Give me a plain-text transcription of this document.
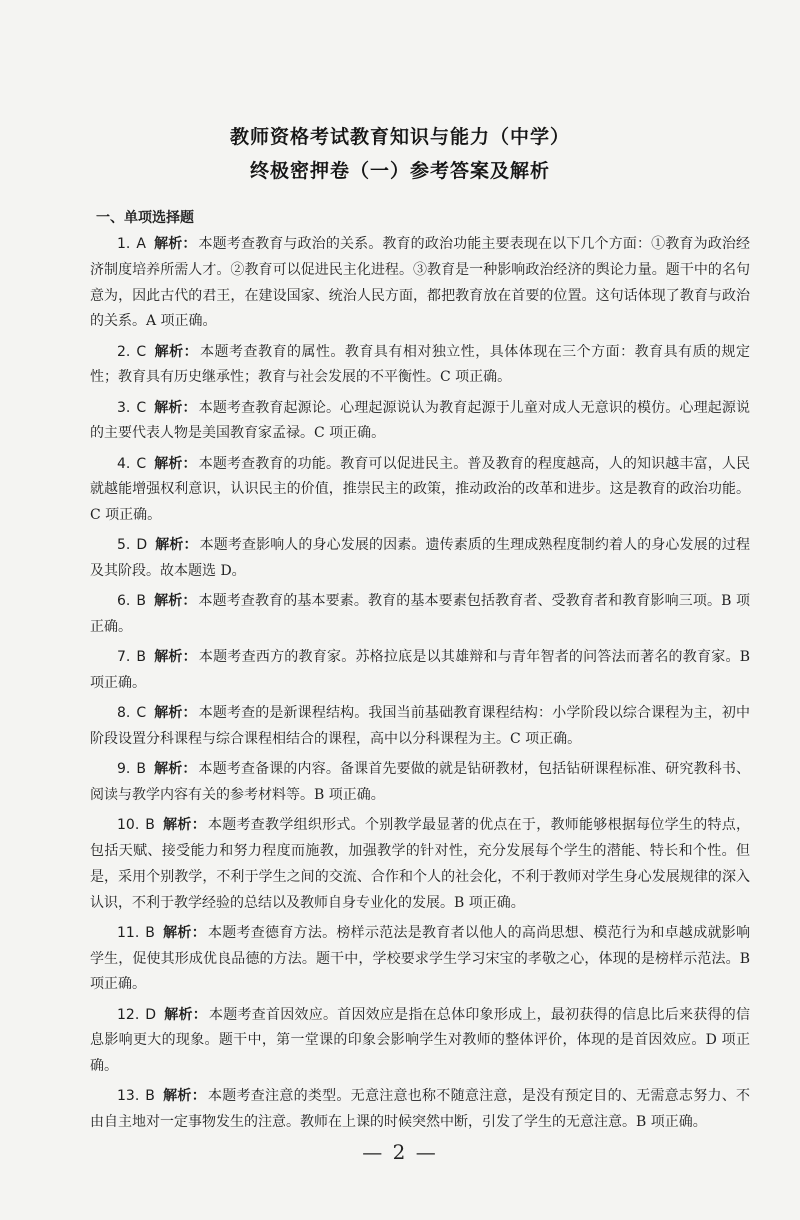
教师资格考试教育知识与能力（中学）
终极密押卷（一）参考答案及解析
一、单项选择题

1. A 解析： 本题考查教育与政治的关系。教育的政治功能主要表现在以下几个方面：①教育为政治经济制度培养所需人才。②教育可以促进民主化进程。③教育是一种影响政治经济的舆论力量。题干中的名句意为，因此古代的君王，在建设国家、统治人民方面，都把教育放在首要的位置。这句话体现了教育与政治的关系。A 项正确。

2. C 解析： 本题考查教育的属性。教育具有相对独立性，具体体现在三个方面：教育具有质的规定性；教育具有历史继承性；教育与社会发展的不平衡性。C 项正确。

3. C 解析： 本题考查教育起源论。心理起源说认为教育起源于儿童对成人无意识的模仿。心理起源说的主要代表人物是美国教育家孟禄。C 项正确。

4. C 解析： 本题考查教育的功能。教育可以促进民主。普及教育的程度越高，人的知识越丰富，人民就越能增强权利意识，认识民主的价值，推崇民主的政策，推动政治的改革和进步。这是教育的政治功能。C 项正确。

5. D 解析： 本题考查影响人的身心发展的因素。遗传素质的生理成熟程度制约着人的身心发展的过程及其阶段。故本题选 D。

6. B 解析： 本题考查教育的基本要素。教育的基本要素包括教育者、受教育者和教育影响三项。B 项正确。

7. B 解析： 本题考查西方的教育家。苏格拉底是以其雄辩和与青年智者的问答法而著名的教育家。B 项正确。

8. C 解析： 本题考查的是新课程结构。我国当前基础教育课程结构：小学阶段以综合课程为主，初中阶段设置分科课程与综合课程相结合的课程，高中以分科课程为主。C 项正确。

9. B 解析： 本题考查备课的内容。备课首先要做的就是钻研教材，包括钻研课程标准、研究教科书、阅读与教学内容有关的参考材料等。B 项正确。

10. B 解析： 本题考查教学组织形式。个别教学最显著的优点在于，教师能够根据每位学生的特点，包括天赋、接受能力和努力程度而施教，加强教学的针对性，充分发展每个学生的潜能、特长和个性。但是，采用个别教学，不利于学生之间的交流、合作和个人的社会化，不利于教师对学生身心发展规律的深入认识，不利于教学经验的总结以及教师自身专业化的发展。B 项正确。

11. B 解析： 本题考查德育方法。榜样示范法是教育者以他人的高尚思想、模范行为和卓越成就影响学生，促使其形成优良品德的方法。题干中，学校要求学生学习宋宝的孝敬之心，体现的是榜样示范法。B 项正确。

12. D 解析： 本题考查首因效应。首因效应是指在总体印象形成上，最初获得的信息比后来获得的信息影响更大的现象。题干中，第一堂课的印象会影响学生对教师的整体评价，体现的是首因效应。D 项正确。

13. B 解析： 本题考查注意的类型。无意注意也称不随意注意，是没有预定目的、无需意志努力、不由自主地对一定事物发生的注意。教师在上课的时候突然中断，引发了学生的无意注意。B 项正确。

— 2 —
